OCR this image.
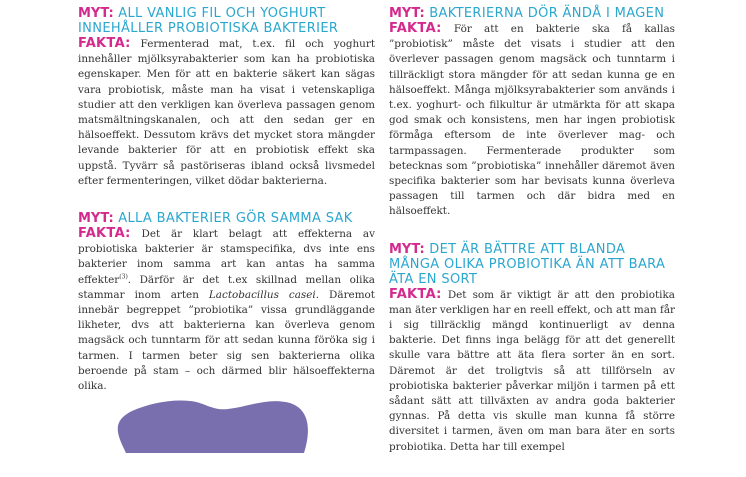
MYT: ALL VANLIG FIL OCH YOGHURT INNEHÅLLER PROBIOTISKA BAKTERIER

FAKTA: Fermenterad mat, t.ex. fil och yoghurt innehåller mjölksyrabakterier som kan ha probiotiska egenskaper. Men för att en bakterie säkert kan sägas vara probiotisk, måste man ha visat i vetenskapliga studier att den verkligen kan överleva passagen genom matsmältningskanalen, och att den sedan ger en hälsoeffekt. Dessutom krävs det mycket stora mängder levande bakterier för att en probiotisk effekt ska uppstå. Tyvärr så pastöriseras ibland också livsmedel efter fermenteringen, vilket dödar bakterierna.

MYT: ALLA BAKTERIER GÖR SAMMA SAK

FAKTA: Det är klart belagt att effekterna av probiotiska bakterier är stamspecifika, dvs inte ens bakterier inom samma art kan antas ha samma effekter$^{(3)}$. Därför är det t.ex skillnad mellan olika stammar inom arten Lactobacillus casei. Däremot innebär begreppet ”probiotika” vissa grundläggande likheter, dvs att bakterierna kan överleva genom magsäck och tunntarm för att sedan kunna föröka sig i tarmen. I tarmen beter sig sen bakterierna olika beroende på stam – och därmed blir hälsoeffekterna olika.

MYT: BAKTERIERNA DÖR ÄNDÅ I MAGEN

FAKTA: För att en bakterie ska få kallas ”probiotisk” måste det visats i studier att den överlever passagen genom magsäck och tunntarm i tillräckligt stora mängder för att sedan kunna ge en hälsoeffekt. Många mjölksyrabakterier som används i t.ex. yoghurt- och filkultur är utmärkta för att skapa god smak och konsistens, men har ingen probiotisk förmåga eftersom de inte överlever mag- och tarmpassagen. Fermenterade produkter som betecknas som ”probiotiska” innehåller däremot även specifika bakterier som har bevisats kunna överleva passagen till tarmen och där bidra med en hälsoeffekt.

MYT: DET ÄR BÄTTRE ATT BLANDA MÅNGA OLIKA PROBIOTIKA ÄN ATT BARA ÄTA EN SORT

FAKTA: Det som är viktigt är att den probiotika man äter verkligen har en reell effekt, och att man får i sig tillräcklig mängd kontinuerligt av denna bakterie. Det finns inga belägg för att det generellt skulle vara bättre att äta flera sorter än en sort. Däremot är det troligtvis så att tillförseln av probiotiska bakterier påverkar miljön i tarmen på ett sådant sätt att tillväxten av andra goda bakterier gynnas. På detta vis skulle man kunna få större diversitet i tarmen, även om man bara äter en sorts probiotika. Detta har till exempel
